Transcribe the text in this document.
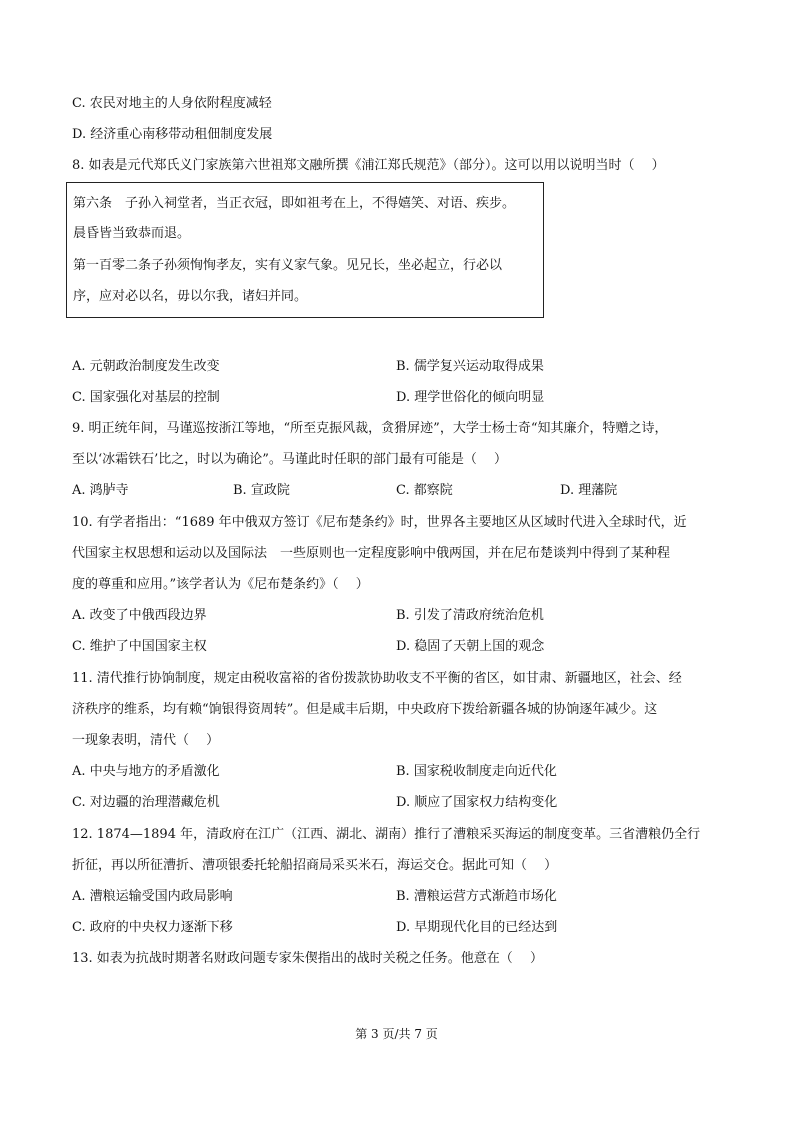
C. 农民对地主的人身依附程度减轻
D. 经济重心南移带动租佃制度发展
8. 如表是元代郑氏义门家族第六世祖郑文融所撰《浦江郑氏规范》（部分）。这可以用以说明当时（　 ）
第六条　子孙入祠堂者，当正衣冠，即如祖考在上，不得嬉笑、对语、疾步。
晨昏皆当致恭而退。
第一百零二条子孙须恂恂孝友，实有义家气象。见兄长，坐必起立，行必以
序，应对必以名，毋以尔我，诸妇并同。
A. 元朝政治制度发生改变	B. 儒学复兴运动取得成果
C. 国家强化对基层的控制	D. 理学世俗化的倾向明显
9. 明正统年间，马谨巡按浙江等地，“所至克振风裁，贪猾屏迹”，大学士杨士奇“知其廉介，特赠之诗，
至以‘冰霜铁石’比之，时以为确论”。马谨此时任职的部门最有可能是（　 ）
A. 鸿胪寺	B. 宣政院	C. 都察院	D. 理藩院
10. 有学者指出：“1689 年中俄双方签订《尼布楚条约》时，世界各主要地区从区域时代进入全球时代，近
代国家主权思想和运动以及国际法　一些原则也一定程度影响中俄两国，并在尼布楚谈判中得到了某种程
度的尊重和应用。”该学者认为《尼布楚条约》（　 ）
A. 改变了中俄西段边界	B. 引发了清政府统治危机
C. 维护了中国国家主权	D. 稳固了天朝上国的观念
11. 清代推行协饷制度，规定由税收富裕的省份拨款协助收支不平衡的省区，如甘肃、新疆地区，社会、经
济秩序的维系，均有赖“饷银得资周转”。但是咸丰后期，中央政府下拨给新疆各城的协饷逐年减少。这
一现象表明，清代（　 ）
A. 中央与地方的矛盾激化	B. 国家税收制度走向近代化
C. 对边疆的治理潜藏危机	D. 顺应了国家权力结构变化
12. 1874—1894 年，清政府在江广（江西、湖北、湖南）推行了漕粮采买海运的制度变革。三省漕粮仍全行
折征，再以所征漕折、漕项银委托轮船招商局采买米石，海运交仓。据此可知（　 ）
A. 漕粮运输受国内政局影响	B. 漕粮运营方式渐趋市场化
C. 政府的中央权力逐渐下移	D. 早期现代化目的已经达到
13. 如表为抗战时期著名财政问题专家朱偰指出的战时关税之任务。他意在（　 ）
第 3 页/共 7 页
